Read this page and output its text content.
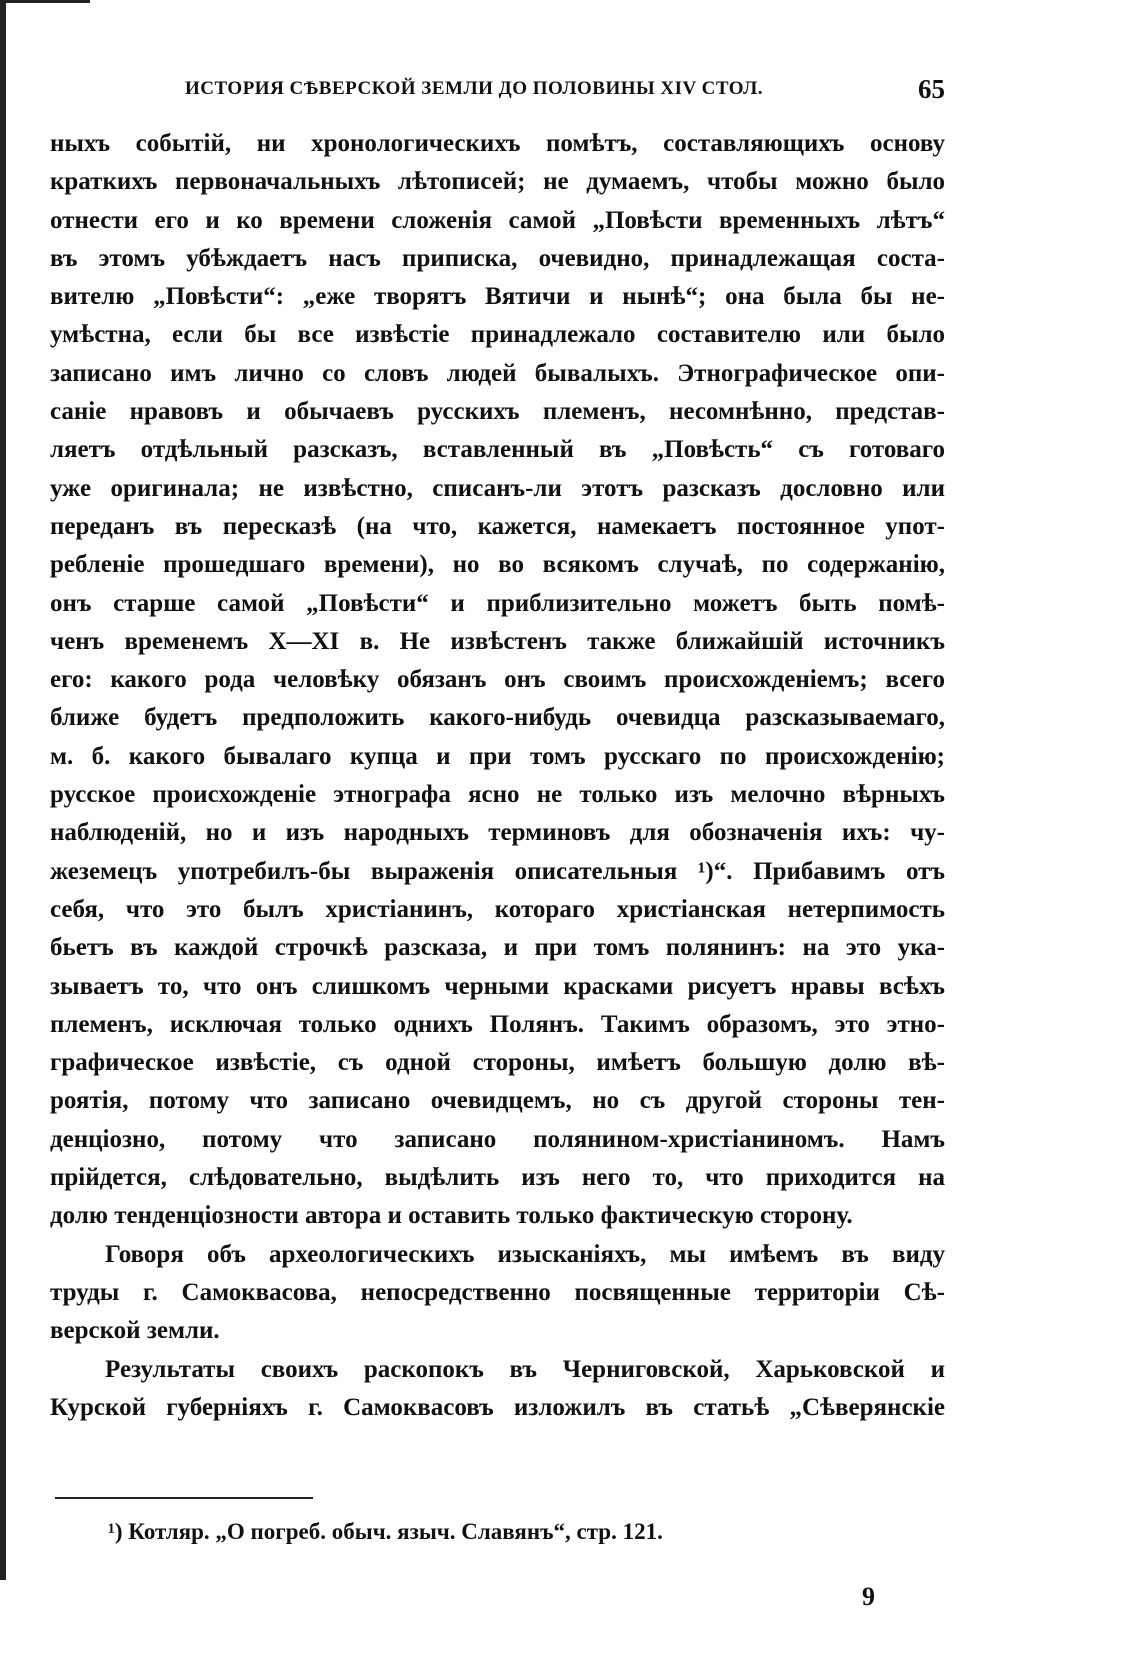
ИСТОРИЯ СѢВЕРСКОЙ ЗЕМЛИ ДО ПОЛОВИНЫ XIV СТОЛ.	65
ныхъ событій, ни хронологическихъ помѣтъ, составляющихъ основу
краткихъ первоначальныхъ лѣтописей; не думаемъ, чтобы можно было
отнести его и ко времени сложенія самой „Повѣсти временныхъ лѣтъ“
въ этомъ убѣждаетъ насъ приписка, очевидно, принадлежащая соста-
вителю „Повѣсти“: „еже творятъ Вятичи и нынѣ“; она была бы не-
умѣстна, если бы все извѣстіе принадлежало составителю или было
записано имъ лично со словъ людей бывалыхъ. Этнографическое опи-
саніе нравовъ и обычаевъ русскихъ племенъ, несомнѣнно, представ-
ляетъ отдѣльный разсказъ, вставленный въ „Повѣсть“ съ готоваго
уже оригинала; не извѣстно, списанъ-ли этотъ разсказъ дословно или
переданъ въ пересказѣ (на что, кажется, намекаетъ постоянное упот-
ребленіе прошедшаго времени), но во всякомъ случаѣ, по содержанію,
онъ старше самой „Повѣсти“ и приблизительно можетъ быть помѣ-
ченъ временемъ X—XI в. Не извѣстенъ также ближайшій источникъ
его: какого рода человѣку обязанъ онъ своимъ происхожденіемъ; всего
ближе будетъ предположить какого-нибудь очевидца разсказываемаго,
м. б. какого бывалаго купца и при томъ русскаго по происхожденію;
русское происхожденіе этнографа ясно не только изъ мелочно вѣрныхъ
наблюденій, но и изъ народныхъ терминовъ для обозначенія ихъ: чу-
жеземецъ употребилъ-бы выраженія описательныя ¹)“. Прибавимъ отъ
себя, что это былъ христіанинъ, котораго христіанская нетерпимость
бьетъ въ каждой строчкѣ разсказа, и при томъ полянинъ: на это ука-
зываетъ то, что онъ слишкомъ черными красками рисуетъ нравы всѣхъ
племенъ, исключая только однихъ Полянъ. Такимъ образомъ, это этно-
графическое извѣстіе, съ одной стороны, имѣетъ большую долю вѣ-
роятія, потому что записано очевидцемъ, но съ другой стороны тен-
денціозно, потому что записано полянином-христіаниномъ. Намъ
прійдется, слѣдовательно, выдѣлить изъ него то, что приходится на
долю тенденціозности автора и оставить только фактическую сторону.
Говоря объ археологическихъ изысканіяхъ, мы имѣемъ въ виду
труды г. Самоквасова, непосредственно посвященные территоріи Сѣ-
верской земли.
Результаты своихъ раскопокъ въ Черниговской, Харьковской и
Курской губерніяхъ г. Самоквасовъ изложилъ въ статьѣ „Сѣверянскіе
¹) Котляр. „О погреб. обыч. языч. Славянъ“, стр. 121.
9
